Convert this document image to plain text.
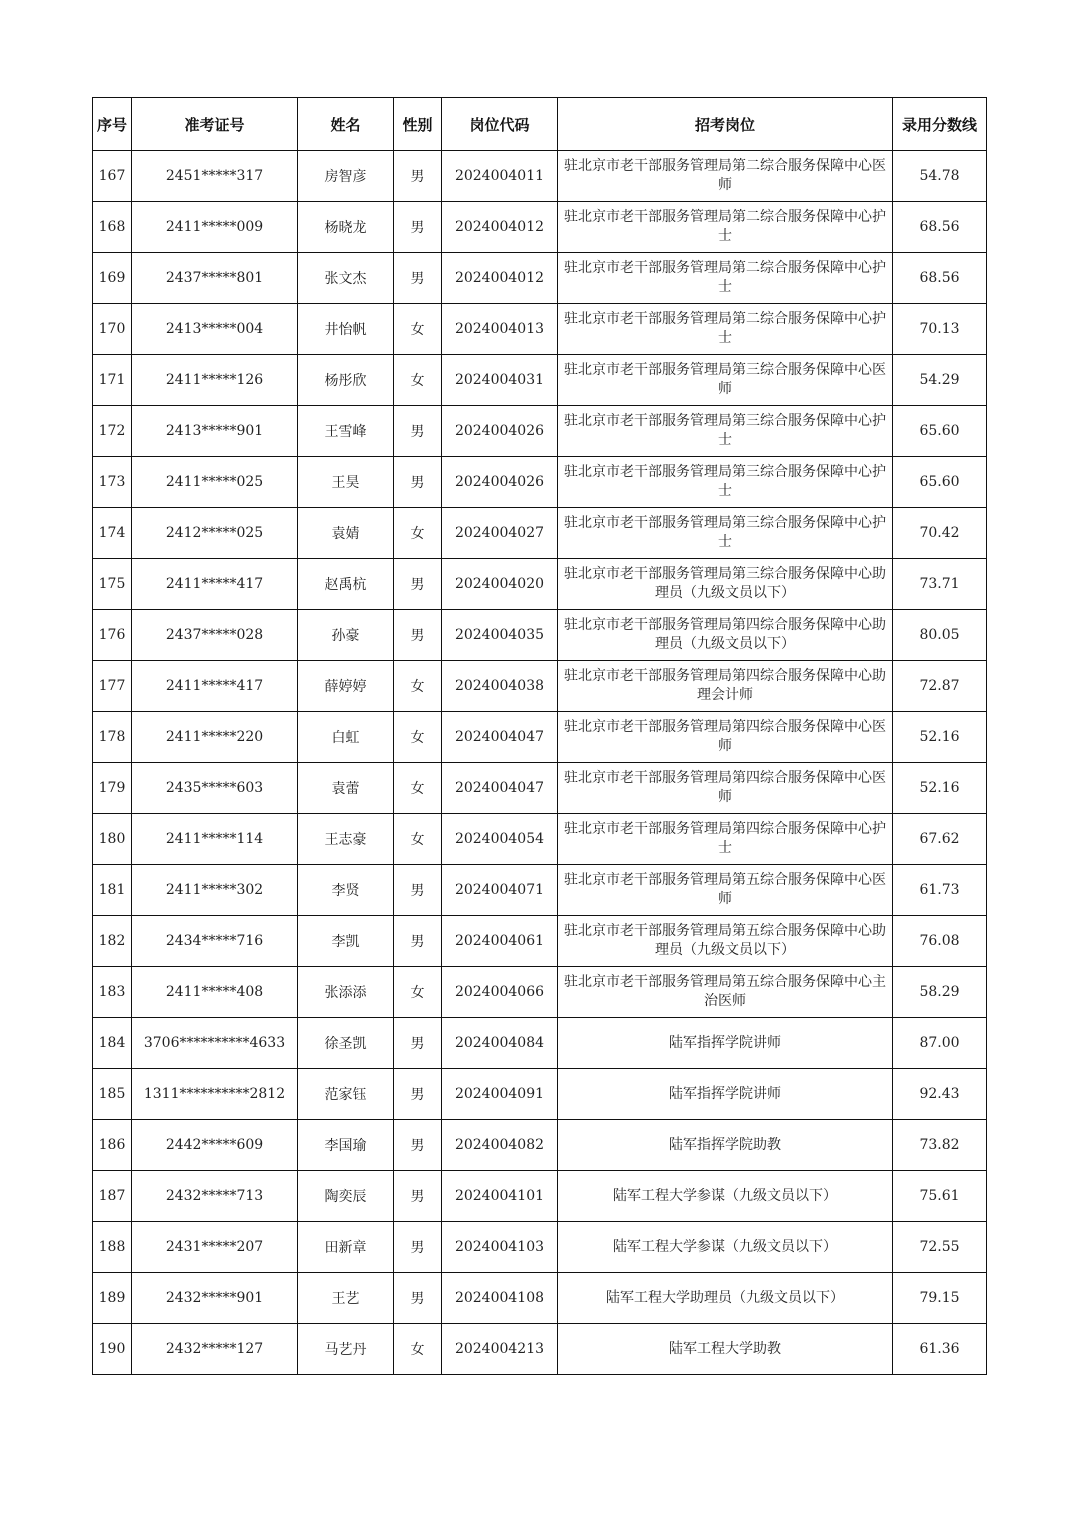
序号	准考证号	姓名	性别	岗位代码	招考岗位	录用分数线
167	2451*****317	房智彦	男	2024004011	驻北京市老干部服务管理局第二综合服务保障中心医师	54.78
168	2411*****009	杨晓龙	男	2024004012	驻北京市老干部服务管理局第二综合服务保障中心护士	68.56
169	2437*****801	张文杰	男	2024004012	驻北京市老干部服务管理局第二综合服务保障中心护士	68.56
170	2413*****004	井怡帆	女	2024004013	驻北京市老干部服务管理局第二综合服务保障中心护士	70.13
171	2411*****126	杨彤欣	女	2024004031	驻北京市老干部服务管理局第三综合服务保障中心医师	54.29
172	2413*****901	王雪峰	男	2024004026	驻北京市老干部服务管理局第三综合服务保障中心护士	65.60
173	2411*****025	王昊	男	2024004026	驻北京市老干部服务管理局第三综合服务保障中心护士	65.60
174	2412*****025	袁婧	女	2024004027	驻北京市老干部服务管理局第三综合服务保障中心护士	70.42
175	2411*****417	赵禹杭	男	2024004020	驻北京市老干部服务管理局第三综合服务保障中心助理员（九级文员以下）	73.71
176	2437*****028	孙豪	男	2024004035	驻北京市老干部服务管理局第四综合服务保障中心助理员（九级文员以下）	80.05
177	2411*****417	薛婷婷	女	2024004038	驻北京市老干部服务管理局第四综合服务保障中心助理会计师	72.87
178	2411*****220	白虹	女	2024004047	驻北京市老干部服务管理局第四综合服务保障中心医师	52.16
179	2435*****603	袁蕾	女	2024004047	驻北京市老干部服务管理局第四综合服务保障中心医师	52.16
180	2411*****114	王志豪	女	2024004054	驻北京市老干部服务管理局第四综合服务保障中心护士	67.62
181	2411*****302	李贤	男	2024004071	驻北京市老干部服务管理局第五综合服务保障中心医师	61.73
182	2434*****716	李凯	男	2024004061	驻北京市老干部服务管理局第五综合服务保障中心助理员（九级文员以下）	76.08
183	2411*****408	张添添	女	2024004066	驻北京市老干部服务管理局第五综合服务保障中心主治医师	58.29
184	3706**********4633	徐圣凯	男	2024004084	陆军指挥学院讲师	87.00
185	1311**********2812	范家钰	男	2024004091	陆军指挥学院讲师	92.43
186	2442*****609	李国瑜	男	2024004082	陆军指挥学院助教	73.82
187	2432*****713	陶奕辰	男	2024004101	陆军工程大学参谋（九级文员以下）	75.61
188	2431*****207	田新章	男	2024004103	陆军工程大学参谋（九级文员以下）	72.55
189	2432*****901	王艺	男	2024004108	陆军工程大学助理员（九级文员以下）	79.15
190	2432*****127	马艺丹	女	2024004213	陆军工程大学助教	61.36
